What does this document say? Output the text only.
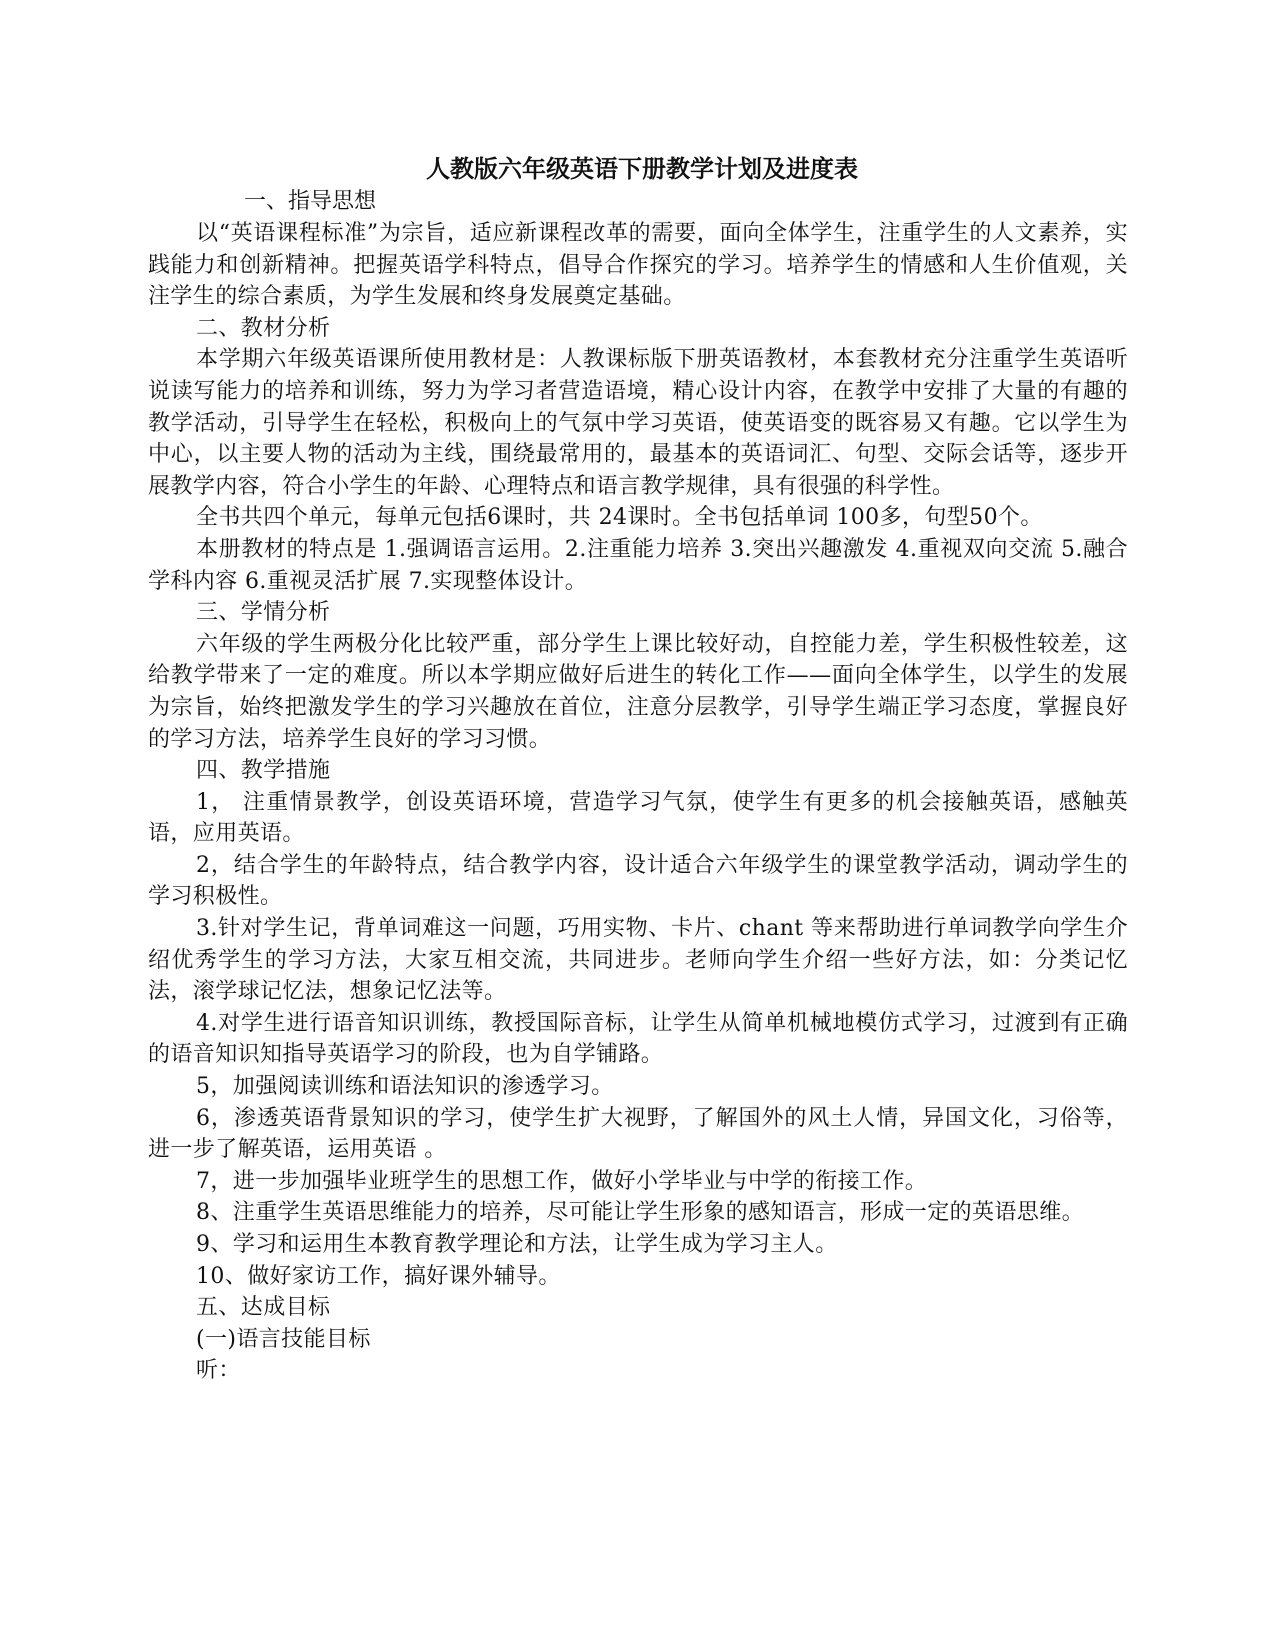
人教版六年级英语下册教学计划及进度表

一、指导思想

以“英语课程标准”为宗旨，适应新课程改革的需要，面向全体学生，注重学生的人文素养，实践能力和创新精神。把握英语学科特点，倡导合作探究的学习。培养学生的情感和人生价值观，关注学生的综合素质，为学生发展和终身发展奠定基础。

二、教材分析

本学期六年级英语课所使用教材是：人教课标版下册英语教材，本套教材充分注重学生英语听说读写能力的培养和训练，努力为学习者营造语境，精心设计内容，在教学中安排了大量的有趣的教学活动，引导学生在轻松，积极向上的气氛中学习英语，使英语变的既容易又有趣。它以学生为中心，以主要人物的活动为主线，围绕最常用的，最基本的英语词汇、句型、交际会话等，逐步开展教学内容，符合小学生的年龄、心理特点和语言教学规律，具有很强的科学性。

全书共四个单元，每单元包括6课时，共 24课时。全书包括单词 100多，句型50个。

本册教材的特点是 1.强调语言运用。2.注重能力培养 3.突出兴趣激发 4.重视双向交流 5.融合学科内容 6.重视灵活扩展 7.实现整体设计。

三、学情分析

六年级的学生两极分化比较严重，部分学生上课比较好动，自控能力差，学生积极性较差，这给教学带来了一定的难度。所以本学期应做好后进生的转化工作——面向全体学生，以学生的发展为宗旨，始终把激发学生的学习兴趣放在首位，注意分层教学，引导学生端正学习态度，掌握良好的学习方法，培养学生良好的学习习惯。

四、教学措施

1， 注重情景教学，创设英语环境，营造学习气氛，使学生有更多的机会接触英语，感触英语，应用英语。

2，结合学生的年龄特点，结合教学内容，设计适合六年级学生的课堂教学活动，调动学生的学习积极性。

3.针对学生记，背单词难这一问题，巧用实物、卡片、chant 等来帮助进行单词教学向学生介绍优秀学生的学习方法，大家互相交流，共同进步。老师向学生介绍一些好方法，如：分类记忆法，滚学球记忆法，想象记忆法等。

4.对学生进行语音知识训练，教授国际音标，让学生从简单机械地模仿式学习，过渡到有正确的语音知识知指导英语学习的阶段，也为自学铺路。

5，加强阅读训练和语法知识的渗透学习。

6，渗透英语背景知识的学习，使学生扩大视野，了解国外的风土人情，异国文化，习俗等，进一步了解英语，运用英语 。

7，进一步加强毕业班学生的思想工作，做好小学毕业与中学的衔接工作。

8、注重学生英语思维能力的培养，尽可能让学生形象的感知语言，形成一定的英语思维。

9、学习和运用生本教育教学理论和方法，让学生成为学习主人。

10、做好家访工作，搞好课外辅导。

五、达成目标

(一)语言技能目标

听：
